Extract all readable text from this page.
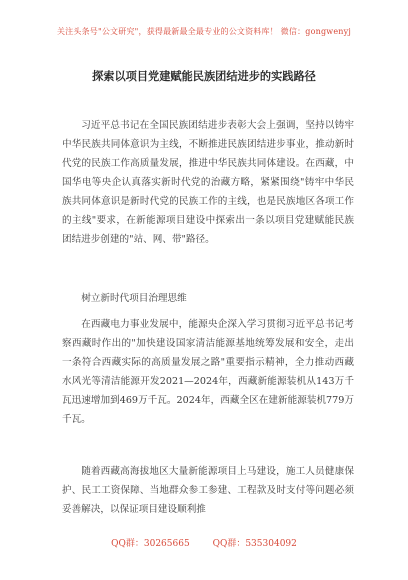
关注头条号"公文研究"，获得最新最全最专业的公文资料库！ 微信：gongwenyj
探索以项目党建赋能民族团结进步的实践路径

习近平总书记在全国民族团结进步表彰大会上强调，坚持以铸牢中华民族共同体意识为主线，不断推进民族团结进步事业，推动新时代党的民族工作高质量发展，推进中华民族共同体建设。在西藏，中国华电等央企认真落实新时代党的治藏方略，紧紧围绕"铸牢中华民族共同体意识是新时代党的民族工作的主线，也是民族地区各项工作的主线"要求，在新能源项目建设中探索出一条以项目党建赋能民族团结进步创建的"站、网、带"路径。

树立新时代项目治理思维

在西藏电力事业发展中，能源央企深入学习贯彻习近平总书记考察西藏时作出的"加快建设国家清洁能源基地统筹发展和安全，走出一条符合西藏实际的高质量发展之路"重要指示精神，全力推动西藏水风光等清洁能源开发2021—2024年，西藏新能源装机从143万千瓦迅速增加到469万千瓦。2024年，西藏全区在建新能源装机779万千瓦。

随着西藏高海拔地区大量新能源项目上马建设，施工人员健康保护、民工工资保障、当地群众参工参建、工程款及时支付等问题必须妥善解决，以保证项目建设顺利推

QQ群：30265665	QQ群：535304092
